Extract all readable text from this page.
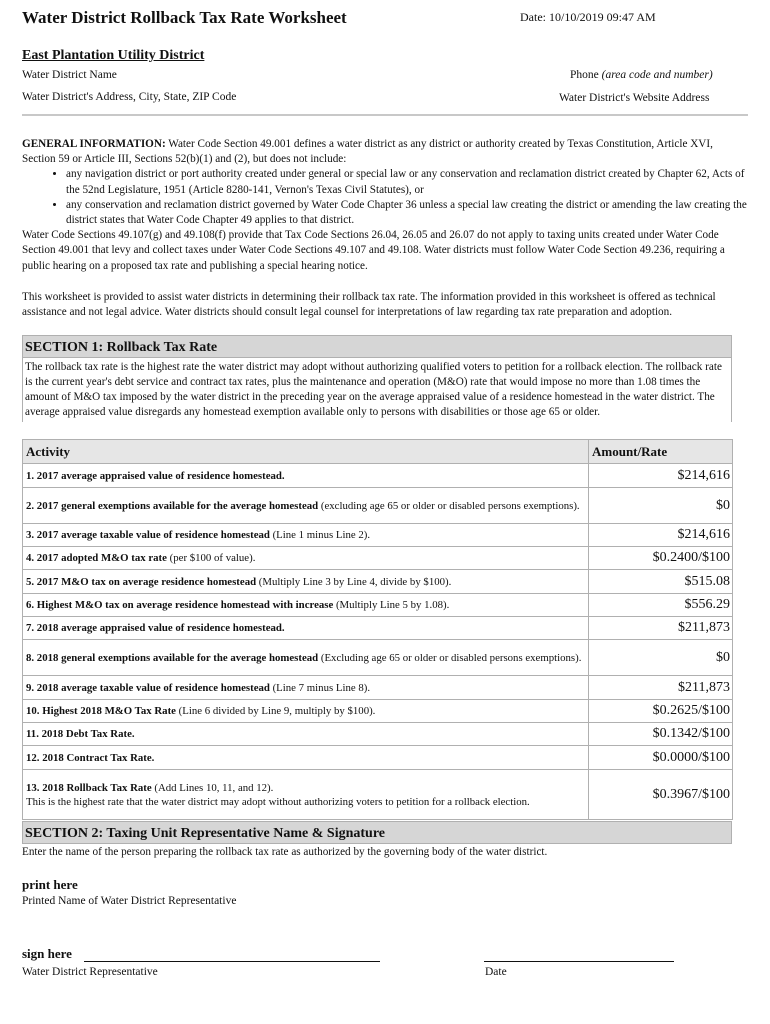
Water District Rollback Tax Rate Worksheet	Date: 10/10/2019 09:47 AM
East Plantation Utility District
Water District Name	Phone (area code and number)
Water District's Address, City, State, ZIP Code	Water District's Website Address
GENERAL INFORMATION: Water Code Section 49.001 defines a water district as any district or authority created by Texas Constitution, Article XVI, Section 59 or Article III, Sections 52(b)(1) and (2), but does not include:
• any navigation district or port authority created under general or special law or any conservation and reclamation district created by Chapter 62, Acts of the 52nd Legislature, 1951 (Article 8280-141, Vernon's Texas Civil Statutes), or
• any conservation and reclamation district governed by Water Code Chapter 36 unless a special law creating the district or amending the law creating the district states that Water Code Chapter 49 applies to that district.
Water Code Sections 49.107(g) and 49.108(f) provide that Tax Code Sections 26.04, 26.05 and 26.07 do not apply to taxing units created under Water Code Section 49.001 that levy and collect taxes under Water Code Sections 49.107 and 49.108. Water districts must follow Water Code Section 49.236, requiring a public hearing on a proposed tax rate and publishing a special hearing notice.
This worksheet is provided to assist water districts in determining their rollback tax rate. The information provided in this worksheet is offered as technical assistance and not legal advice. Water districts should consult legal counsel for interpretations of law regarding tax rate preparation and adoption.
SECTION 1: Rollback Tax Rate
The rollback tax rate is the highest rate the water district may adopt without authorizing qualified voters to petition for a rollback election. The rollback rate is the current year's debt service and contract tax rates, plus the maintenance and operation (M&O) rate that would impose no more than 1.08 times the amount of M&O tax imposed by the water district in the preceding year on the average appraised value of a residence homestead in the water district. The average appraised value disregards any homestead exemption available only to persons with disabilities or those age 65 or older.
Activity	Amount/Rate
1. 2017 average appraised value of residence homestead.	$214,616
2. 2017 general exemptions available for the average homestead (excluding age 65 or older or disabled persons exemptions).	$0
3. 2017 average taxable value of residence homestead (Line 1 minus Line 2).	$214,616
4. 2017 adopted M&O tax rate (per $100 of value).	$0.2400/$100
5. 2017 M&O tax on average residence homestead (Multiply Line 3 by Line 4, divide by $100).	$515.08
6. Highest M&O tax on average residence homestead with increase (Multiply Line 5 by 1.08).	$556.29
7. 2018 average appraised value of residence homestead.	$211,873
8. 2018 general exemptions available for the average homestead (Excluding age 65 or older or disabled persons exemptions).	$0
9. 2018 average taxable value of residence homestead (Line 7 minus Line 8).	$211,873
10. Highest 2018 M&O Tax Rate (Line 6 divided by Line 9, multiply by $100).	$0.2625/$100
11. 2018 Debt Tax Rate.	$0.1342/$100
12. 2018 Contract Tax Rate.	$0.0000/$100
13. 2018 Rollback Tax Rate (Add Lines 10, 11, and 12).
This is the highest rate that the water district may adopt without authorizing voters to petition for a rollback election.	$0.3967/$100
SECTION 2: Taxing Unit Representative Name & Signature
Enter the name of the person preparing the rollback tax rate as authorized by the governing body of the water district.
print here
Printed Name of Water District Representative
sign here
Water District Representative	Date
